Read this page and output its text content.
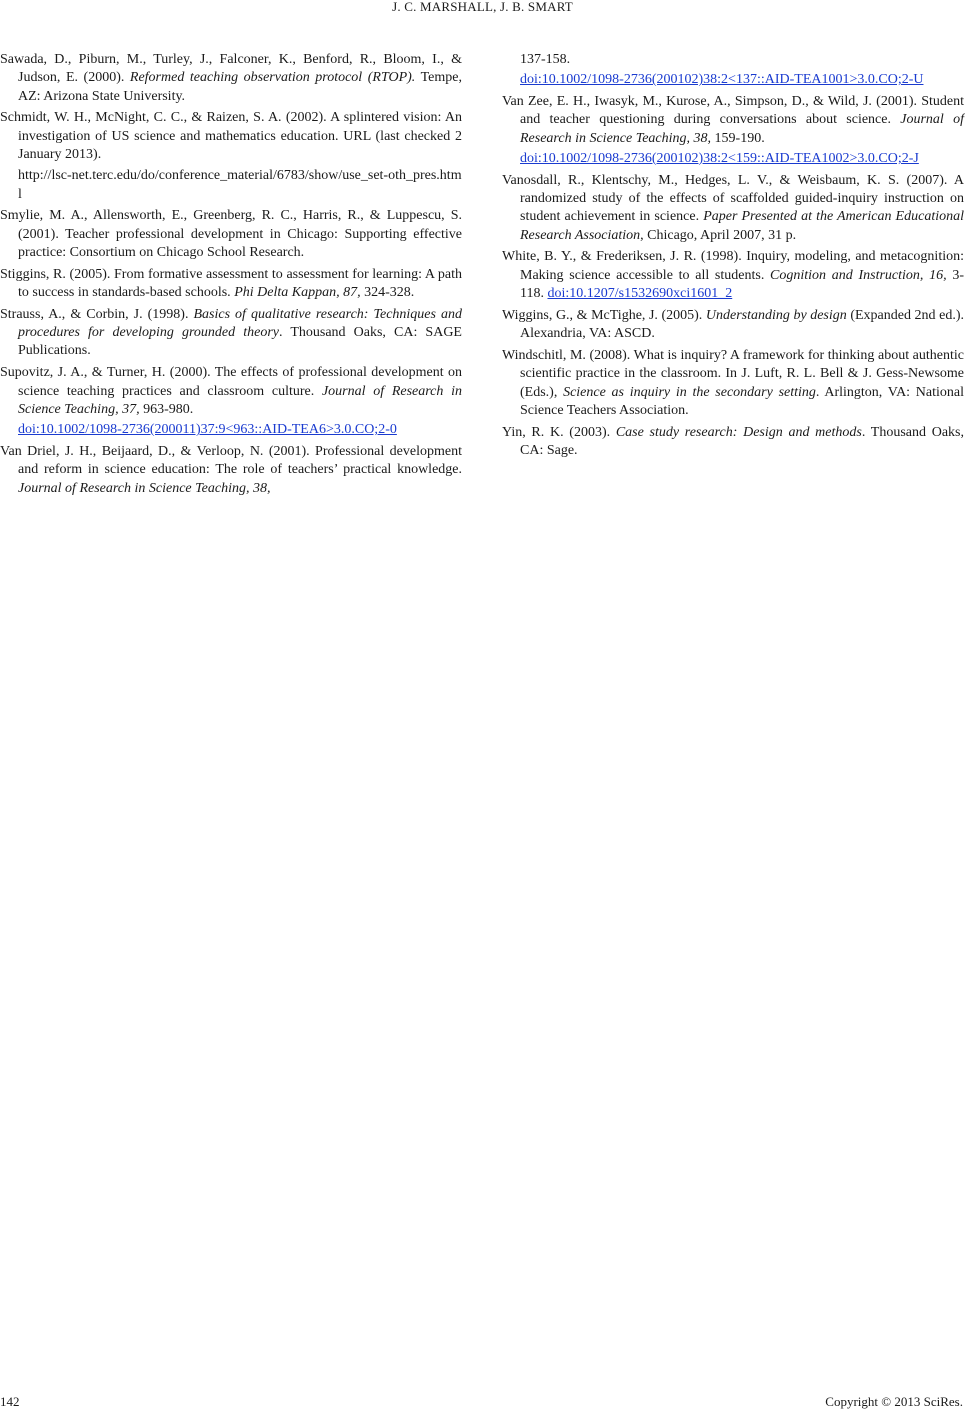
J. C. MARSHALL, J. B. SMART

Sawada, D., Piburn, M., Turley, J., Falconer, K., Benford, R., Bloom, I., & Judson, E. (2000). Reformed teaching observation protocol (RTOP). Tempe, AZ: Arizona State University.

Schmidt, W. H., McNight, C. C., & Raizen, S. A. (2002). A splintered vision: An investigation of US science and mathematics education. URL (last checked 2 January 2013).
http://lsc-net.terc.edu/do/conference_material/6783/show/use_set-oth_pres.html

Smylie, M. A., Allensworth, E., Greenberg, R. C., Harris, R., & Luppescu, S. (2001). Teacher professional development in Chicago: Supporting effective practice: Consortium on Chicago School Research.

Stiggins, R. (2005). From formative assessment to assessment for learning: A path to success in standards-based schools. Phi Delta Kappan, 87, 324-328.

Strauss, A., & Corbin, J. (1998). Basics of qualitative research: Techniques and procedures for developing grounded theory. Thousand Oaks, CA: SAGE Publications.

Supovitz, J. A., & Turner, H. (2000). The effects of professional development on science teaching practices and classroom culture. Journal of Research in Science Teaching, 37, 963-980.
doi:10.1002/1098-2736(200011)37:9<963::AID-TEA6>3.0.CO;2-0

Van Driel, J. H., Beijaard, D., & Verloop, N. (2001). Professional development and reform in science education: The role of teachers’ practical knowledge. Journal of Research in Science Teaching, 38,

137-158.
doi:10.1002/1098-2736(200102)38:2<137::AID-TEA1001>3.0.CO;2-U

Van Zee, E. H., Iwasyk, M., Kurose, A., Simpson, D., & Wild, J. (2001). Student and teacher questioning during conversations about science. Journal of Research in Science Teaching, 38, 159-190.
doi:10.1002/1098-2736(200102)38:2<159::AID-TEA1002>3.0.CO;2-J

Vanosdall, R., Klentschy, M., Hedges, L. V., & Weisbaum, K. S. (2007). A randomized study of the effects of scaffolded guided-inquiry instruction on student achievement in science. Paper Presented at the American Educational Research Association, Chicago, April 2007, 31 p.

White, B. Y., & Frederiksen, J. R. (1998). Inquiry, modeling, and metacognition: Making science accessible to all students. Cognition and Instruction, 16, 3-118. doi:10.1207/s1532690xci1601_2

Wiggins, G., & McTighe, J. (2005). Understanding by design (Expanded 2nd ed.). Alexandria, VA: ASCD.

Windschitl, M. (2008). What is inquiry? A framework for thinking about authentic scientific practice in the classroom. In J. Luft, R. L. Bell & J. Gess-Newsome (Eds.), Science as inquiry in the secondary setting. Arlington, VA: National Science Teachers Association.

Yin, R. K. (2003). Case study research: Design and methods. Thousand Oaks, CA: Sage.

142	Copyright © 2013 SciRes.
